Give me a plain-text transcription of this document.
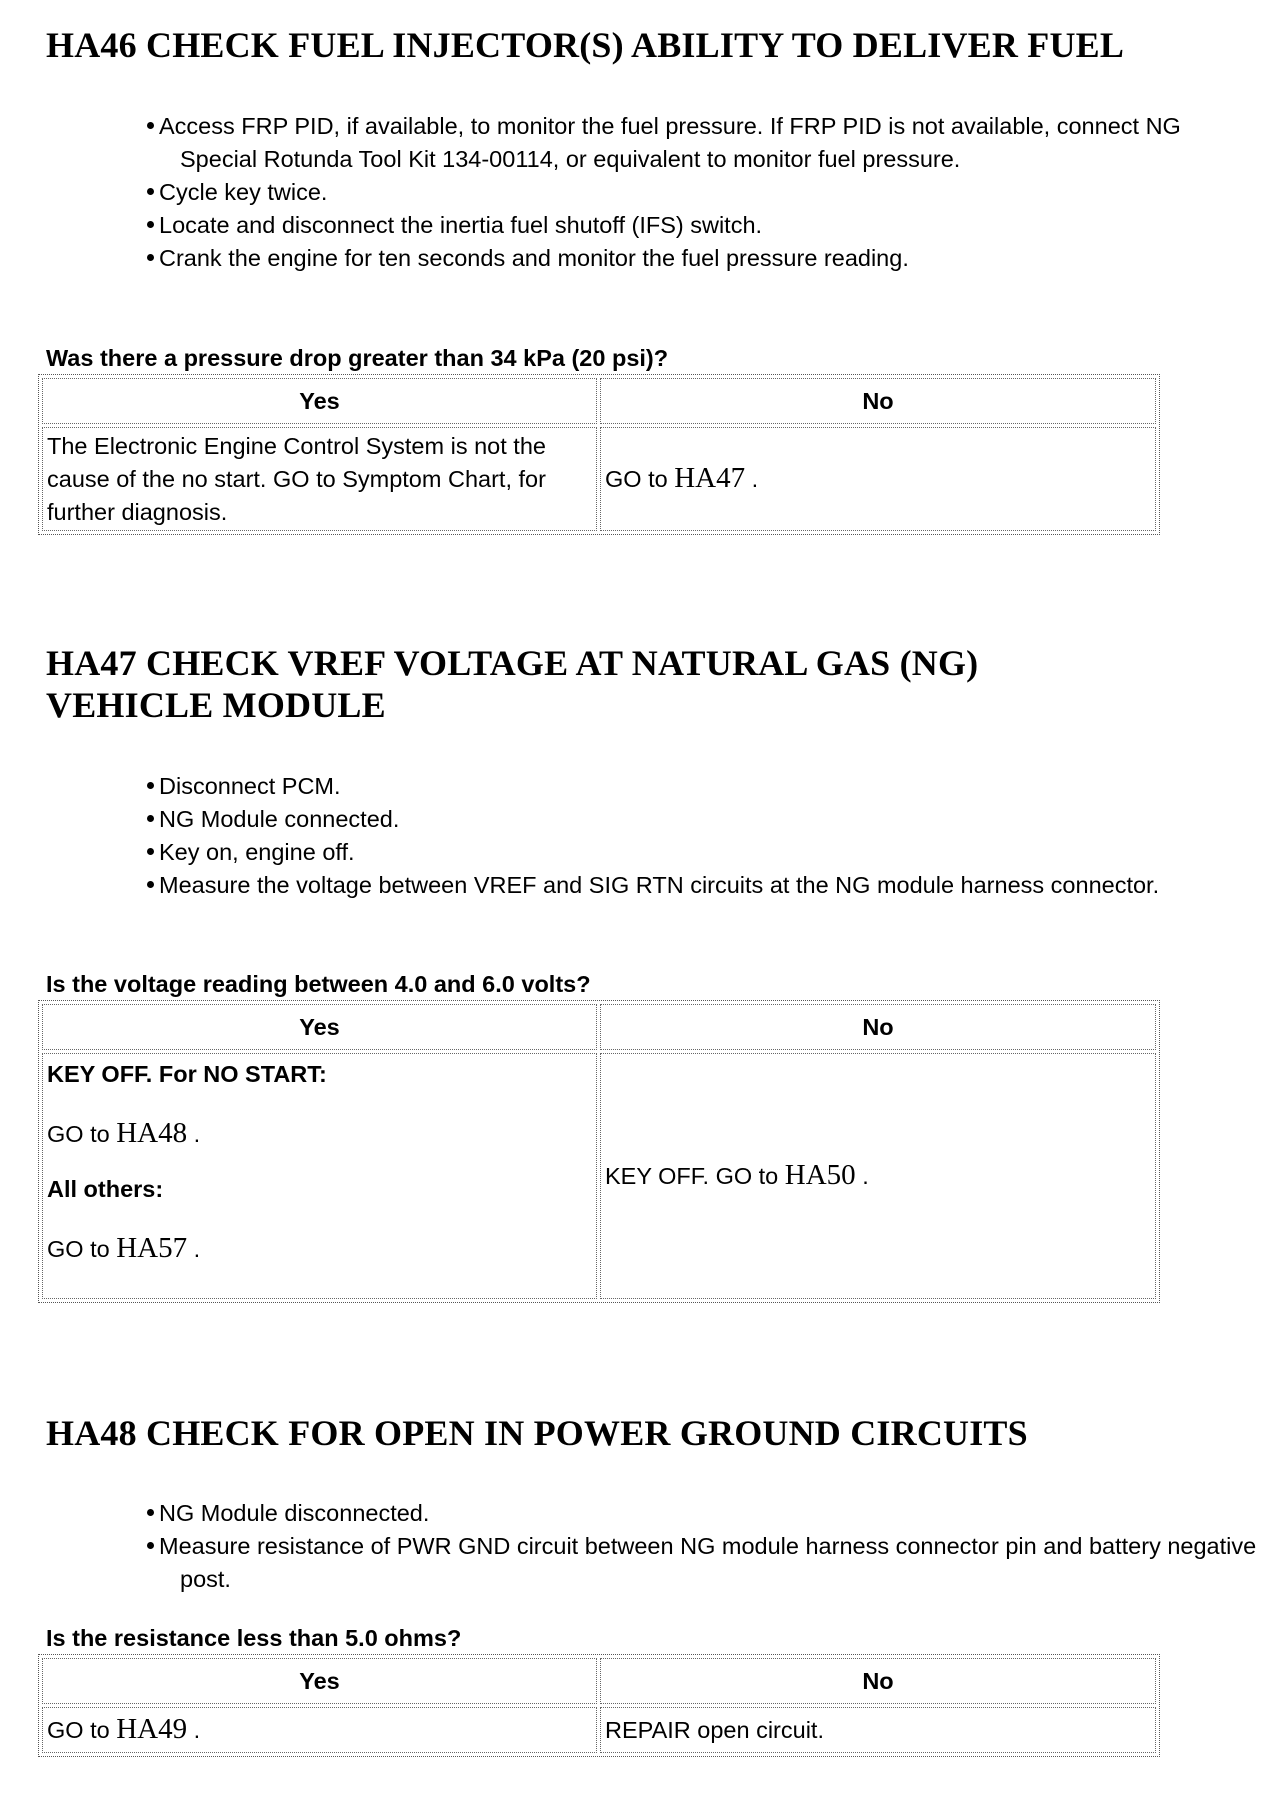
HA46 CHECK FUEL INJECTOR(S) ABILITY TO DELIVER FUEL
Access FRP PID, if available, to monitor the fuel pressure. If FRP PID is not available, connect NG Special Rotunda Tool Kit 134-00114, or equivalent to monitor fuel pressure.
Cycle key twice.
Locate and disconnect the inertia fuel shutoff (IFS) switch.
Crank the engine for ten seconds and monitor the fuel pressure reading.

Was there a pressure drop greater than 34 kPa (20 psi)?

Yes	No
The Electronic Engine Control System is not the cause of the no start. GO to Symptom Chart, for further diagnosis.	GO to HA47 .
HA47 CHECK VREF VOLTAGE AT NATURAL GAS (NG)
VEHICLE MODULE
Disconnect PCM.
NG Module connected.
Key on, engine off.
Measure the voltage between VREF and SIG RTN circuits at the NG module harness connector.

Is the voltage reading between 4.0 and 6.0 volts?

Yes	No

KEY OFF. For NO START:

GO to HA48 .

All others:

GO to HA57 .	KEY OFF. GO to HA50 .
HA48 CHECK FOR OPEN IN POWER GROUND CIRCUITS
NG Module disconnected.
Measure resistance of PWR GND circuit between NG module harness connector pin and battery negative post.

Is the resistance less than 5.0 ohms?

Yes	No
GO to HA49 .	REPAIR open circuit.
